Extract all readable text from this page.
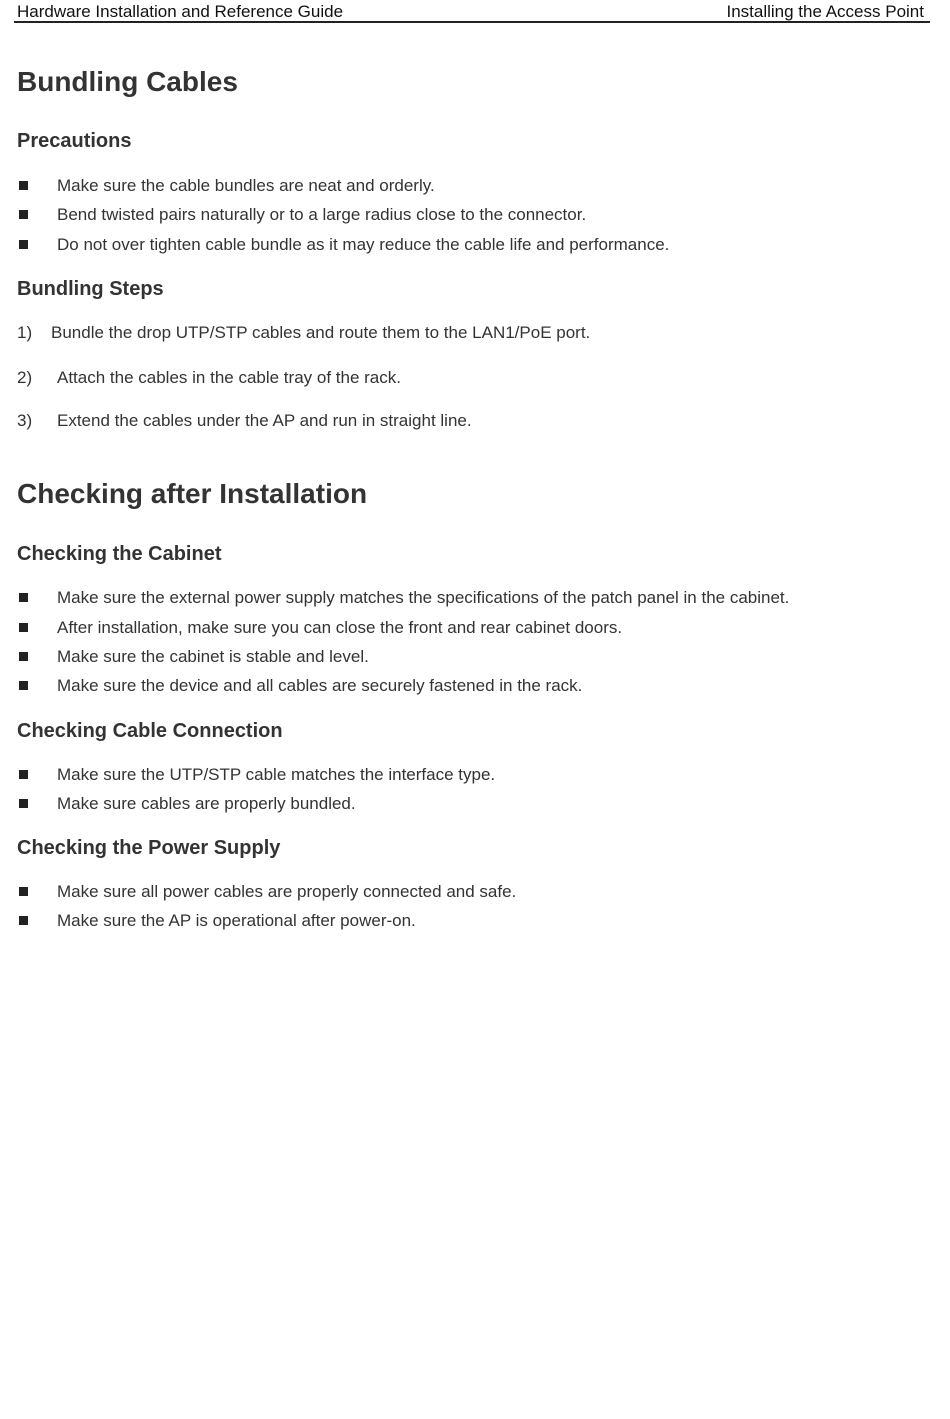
Hardware Installation and Reference Guide	Installing the Access Point
Bundling Cables
Precautions
Make sure the cable bundles are neat and orderly.
Bend twisted pairs naturally or to a large radius close to the connector.
Do not over tighten cable bundle as it may reduce the cable life and performance.
Bundling Steps
1) Bundle the drop UTP/STP cables and route them to the LAN1/PoE port.
2) Attach the cables in the cable tray of the rack.
3) Extend the cables under the AP and run in straight line.
Checking after Installation
Checking the Cabinet
Make sure the external power supply matches the specifications of the patch panel in the cabinet.
After installation, make sure you can close the front and rear cabinet doors.
Make sure the cabinet is stable and level.
Make sure the device and all cables are securely fastened in the rack.
Checking Cable Connection
Make sure the UTP/STP cable matches the interface type.
Make sure cables are properly bundled.
Checking the Power Supply
Make sure all power cables are properly connected and safe.
Make sure the AP is operational after power-on.
